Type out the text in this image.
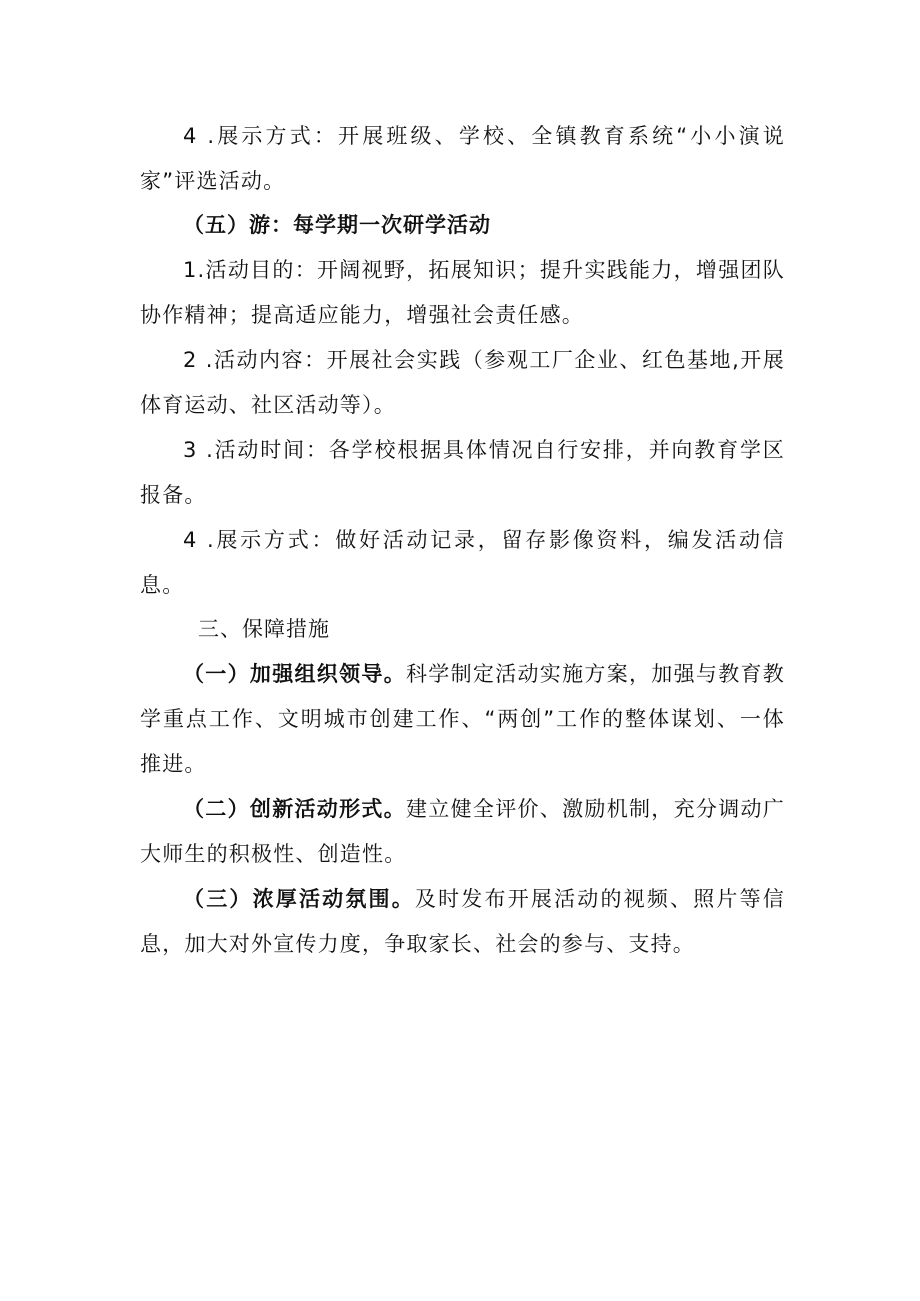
4 .展示方式：开展班级、学校、全镇教育系统“小小演说家”评选活动。

（五）游：每学期一次研学活动

1.活动目的：开阔视野，拓展知识；提升实践能力，增强团队协作精神；提高适应能力，增强社会责任感。

2 .活动内容：开展社会实践（参观工厂企业、红色基地,开展体育运动、社区活动等）。

3 .活动时间：各学校根据具体情况自行安排，并向教育学区报备。

4 .展示方式：做好活动记录，留存影像资料，编发活动信息。

三、保障措施

（一）加强组织领导。科学制定活动实施方案，加强与教育教学重点工作、文明城市创建工作、“两创”工作的整体谋划、一体推进。

（二）创新活动形式。建立健全评价、激励机制，充分调动广大师生的积极性、创造性。

（三）浓厚活动氛围。及时发布开展活动的视频、照片等信息，加大对外宣传力度，争取家长、社会的参与、支持。
